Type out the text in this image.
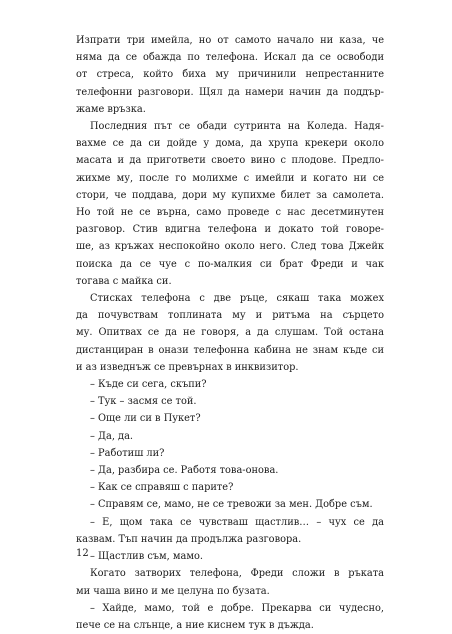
Изпрати три имейла, но от самото начало ни каза, че
няма да се обажда по телефона. Искал да се освободи
от стреса, който биха му причинили непрестанните
телефонни разговори. Щял да намери начин да поддър-
жаме връзка.
Последния път се обади сутринта на Коледа. Надя-
вахме се да си дойде у дома, да хрупа крекери около
масата и да пригответи своето вино с плодове. Предло-
жихме му, после го молихме с имейли и когато ни се
стори, че поддава, дори му купихме билет за самолета.
Но той не се върна, само проведе с нас десетминутен
разговор. Стив вдигна телефона и докато той говоре-
ше, аз кръжах неспокойно около него. След това Джейк
поиска да се чуе с по-малкия си брат Фреди и чак
тогава с майка си.
Стисках телефона с две ръце, сякаш така можех
да почувствам топлината му и ритъма на сърцето
му. Опитвах се да не говоря, а да слушам. Той остана
дистанциран в онази телефонна кабина не знам къде си
и аз изведнъж се превърнах в инквизитор.
– Къде си сега, скъпи?
– Тук – засмя се той.
– Още ли си в Пукет?
– Да, да.
– Работиш ли?
– Да, разбира се. Работя това-онова.
– Как се справяш с парите?
– Справям се, мамо, не се тревожи за мен. Добре съм.
– Е, щом така се чувстваш щастлив… – чух се да
казвам. Тъп начин да продължа разговора.
– Щастлив съм, мамо.
Когато затворих телефона, Фреди сложи в ръката
ми чаша вино и ме целуна по бузата.
– Хайде, мамо, той е добре. Прекарва си чудесно,
пече се на слънце, а ние киснем тук в дъжда.
12
